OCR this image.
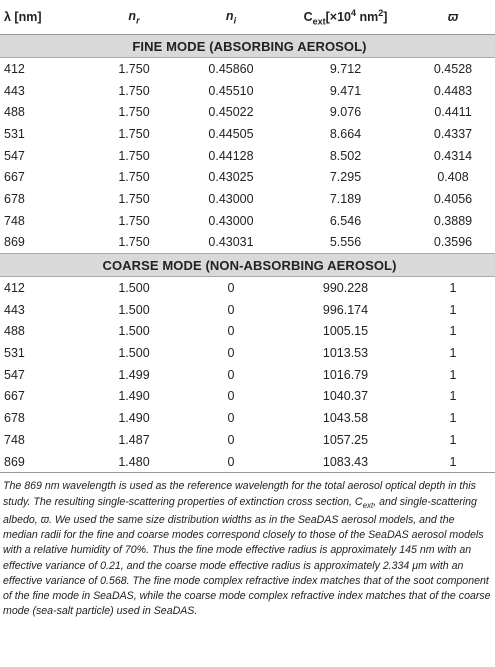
λ [nm]	$n_r$	$n_i$	$C_{ext}[\times 10^4$ $nm^2$]	ϖ
FINE MODE (ABSORBING AEROSOL)				
412	1.750	0.45860	9.712	0.4528
443	1.750	0.45510	9.471	0.4483
488	1.750	0.45022	9.076	0.4411
531	1.750	0.44505	8.664	0.4337
547	1.750	0.44128	8.502	0.4314
667	1.750	0.43025	7.295	0.408
678	1.750	0.43000	7.189	0.4056
748	1.750	0.43000	6.546	0.3889
869	1.750	0.43031	5.556	0.3596
COARSE MODE (NON-ABSORBING AEROSOL)				
412	1.500	0	990.228	1
443	1.500	0	996.174	1
488	1.500	0	1005.15	1
531	1.500	0	1013.53	1
547	1.499	0	1016.79	1
667	1.490	0	1040.37	1
678	1.490	0	1043.58	1
748	1.487	0	1057.25	1
869	1.480	0	1083.43	1
The 869 nm wavelength is used as the reference wavelength for the total aerosol optical depth in this study. The resulting single-scattering properties of extinction cross section, $C_{ext}$, and single-scattering albedo, ϖ. We used the same size distribution widths as in the SeaDAS aerosol models, and the median radii for the fine and coarse modes correspond closely to those of the SeaDAS aerosol models with a relative humidity of 70%. Thus the fine mode effective radius is approximately 145 nm with an effective variance of 0.21, and the coarse mode effective radius is approximately 2.334 μm with an effective variance of 0.568. The fine mode complex refractive index matches that of the soot component of the fine mode in SeaDAS, while the coarse mode complex refractive index matches that of the coarse mode (sea-salt particle) used in SeaDAS.
